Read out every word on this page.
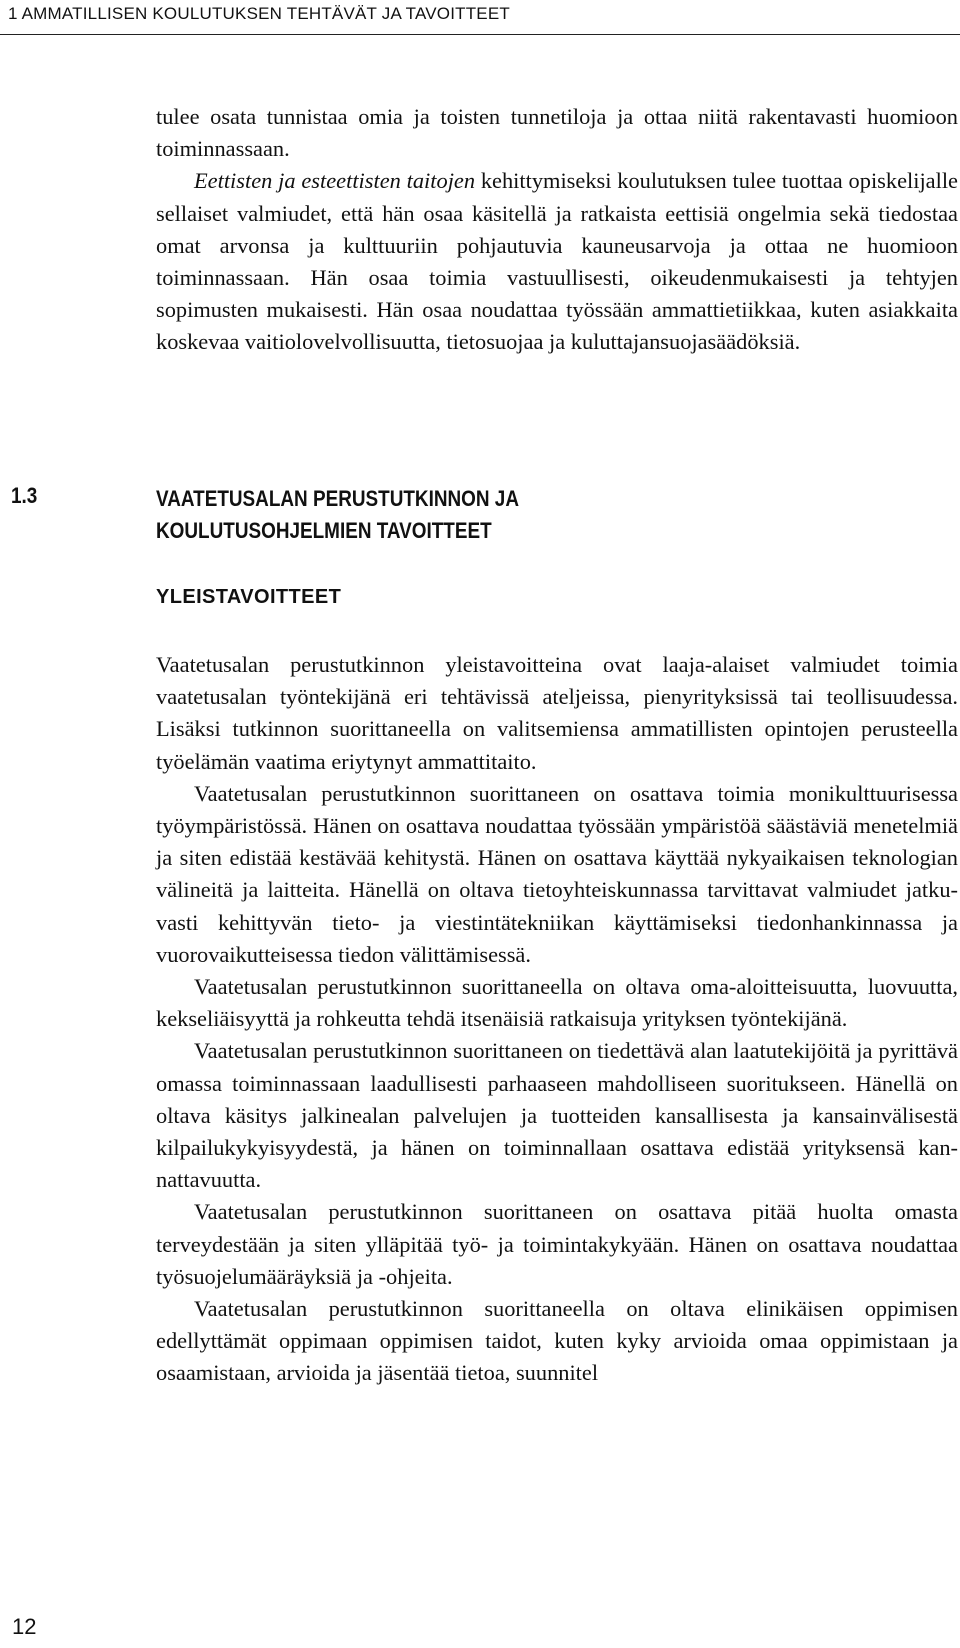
1 AMMATILLISEN KOULUTUKSEN TEHTÄVÄT JA TAVOITTEET

tulee osata tunnistaa omia ja toisten tunnetiloja ja ottaa niitä rakentavasti huomioon toiminnassaan.

Eettisten ja esteettisten taitojen kehittymiseksi koulutuksen tulee tuottaa opiskelijalle sellaiset valmiudet, että hän osaa käsitellä ja ratkaista eettisiä ongelmia sekä tiedostaa omat arvonsa ja kulttuuriin pohjautuvia kauneusarvoja ja ottaa ne huomioon toiminnassaan. Hän osaa toimia vastuullisesti, oikeudenmukaisesti ja tehtyjen sopimusten mukaisesti. Hän osaa noudattaa työssään ammattietiikkaa, kuten asiakkaita koskevaa vaitiolovelvollisuutta, tietosuojaa ja kuluttajansuojasäädöksiä.

1.3	VAATETUSALAN PERUSTUTKINNON JA
KOULUTUSOHJELMIEN TAVOITTEET
YLEISTAVOITTEET

Vaatetusalan perustutkinnon yleistavoitteina ovat laaja-alaiset valmiudet toimia vaatetusalan työntekijänä eri tehtävissä ateljeissa, pienyrityksissä tai teollisuudessa. Lisäksi tutkinnon suorittaneella on valitsemiensa ammatillisten opintojen perusteella työelämän vaatima eriytynyt ammattitaito.

Vaatetusalan perustutkinnon suorittaneen on osattava toimia monikulttuurisessa työympäristössä. Hänen on osattava noudattaa työssään ympäristöä säästäviä menetelmiä ja siten edistää kestävää kehitystä. Hänen on osattava käyttää nykyaikaisen teknologian välineitä ja laitteita. Hänellä on oltava tietoyhteiskunnassa tarvittavat valmiudet jatkuvasti kehittyvän tieto- ja viestintätekniikan käyttämiseksi tiedonhankinnassa ja vuorovaikutteisessa tiedon välittämisessä.

Vaatetusalan perustutkinnon suorittaneella on oltava oma-aloitteisuutta, luovuutta, kekseliäisyyttä ja rohkeutta tehdä itsenäisiä ratkaisuja yrityksen työntekijänä.

Vaatetusalan perustutkinnon suorittaneen on tiedettävä alan laatutekijöitä ja pyrittävä omassa toiminnassaan laadullisesti parhaaseen mahdolliseen suoritukseen. Hänellä on oltava käsitys jalkinealan palvelujen ja tuotteiden kansallisesta ja kansainvälisestä kilpailukykyisyydestä, ja hänen on toiminnallaan osattava edistää yrityksensä kannattavuutta.

Vaatetusalan perustutkinnon suorittaneen on osattava pitää huolta omasta terveydestään ja siten ylläpitää työ- ja toimintakykyään. Hänen on osattava noudattaa työsuojelumääräyksiä ja -ohjeita.

Vaatetusalan perustutkinnon suorittaneella on oltava elinikäisen oppimisen edellyttämät oppimaan oppimisen taidot, kuten kyky arvioida omaa oppimistaan ja osaamistaan, arvioida ja jäsentää tietoa, suunnitel

12
